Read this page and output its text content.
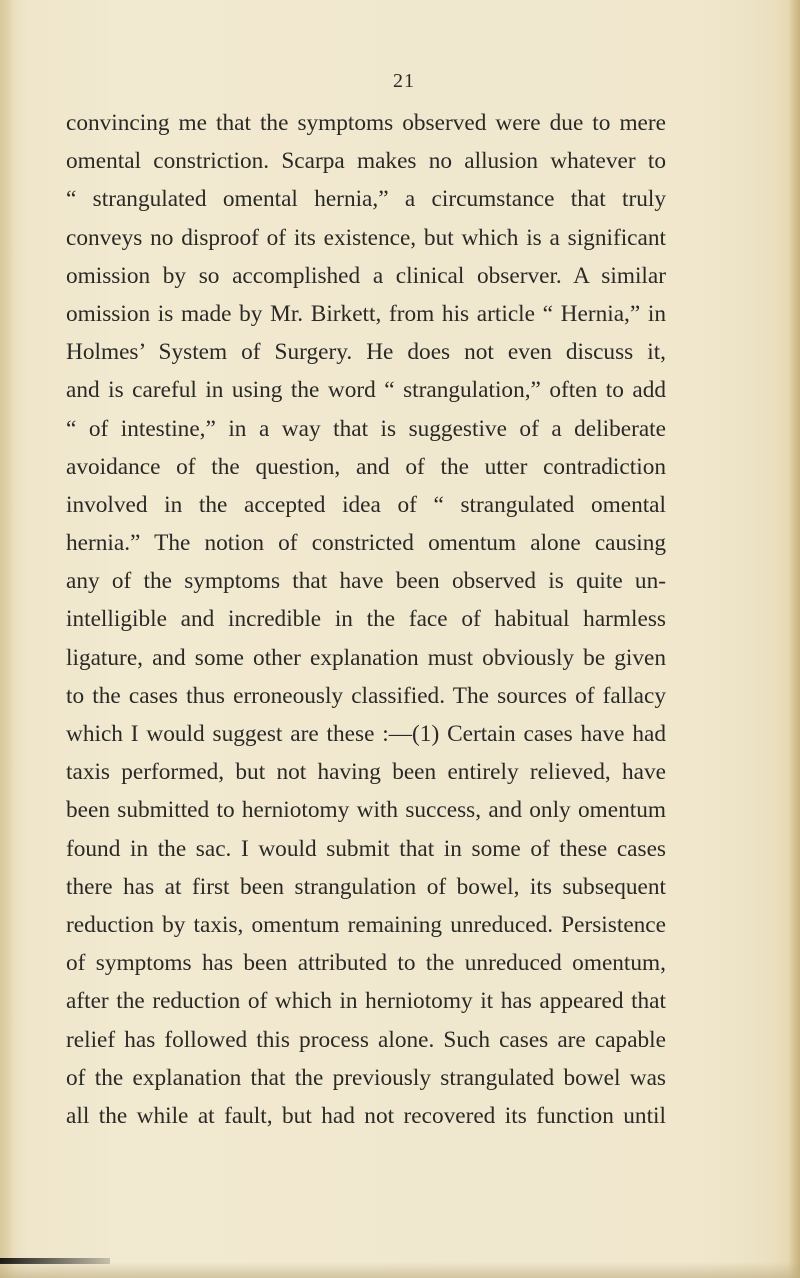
21
convincing me that the symptoms observed were due to mere
omental constriction. Scarpa makes no allusion whatever to
“ strangulated omental hernia,” a circumstance that truly
conveys no disproof of its existence, but which is a significant
omission by so accomplished a clinical observer. A similar
omission is made by Mr. Birkett, from his article “ Hernia,” in
Holmes’ System of Surgery. He does not even discuss it,
and is careful in using the word “ strangulation,” often to add
“ of intestine,” in a way that is suggestive of a deliberate
avoidance of the question, and of the utter contradiction
involved in the accepted idea of “ strangulated omental
hernia.” The notion of constricted omentum alone causing
any of the symptoms that have been observed is quite un-
intelligible and incredible in the face of habitual harmless
ligature, and some other explanation must obviously be given
to the cases thus erroneously classified. The sources of fallacy
which I would suggest are these :—(1) Certain cases have had
taxis performed, but not having been entirely relieved, have
been submitted to herniotomy with success, and only omentum
found in the sac. I would submit that in some of these cases
there has at first been strangulation of bowel, its subsequent
reduction by taxis, omentum remaining unreduced. Persistence
of symptoms has been attributed to the unreduced omentum,
after the reduction of which in herniotomy it has appeared that
relief has followed this process alone. Such cases are capable
of the explanation that the previously strangulated bowel was
all the while at fault, but had not recovered its function until
